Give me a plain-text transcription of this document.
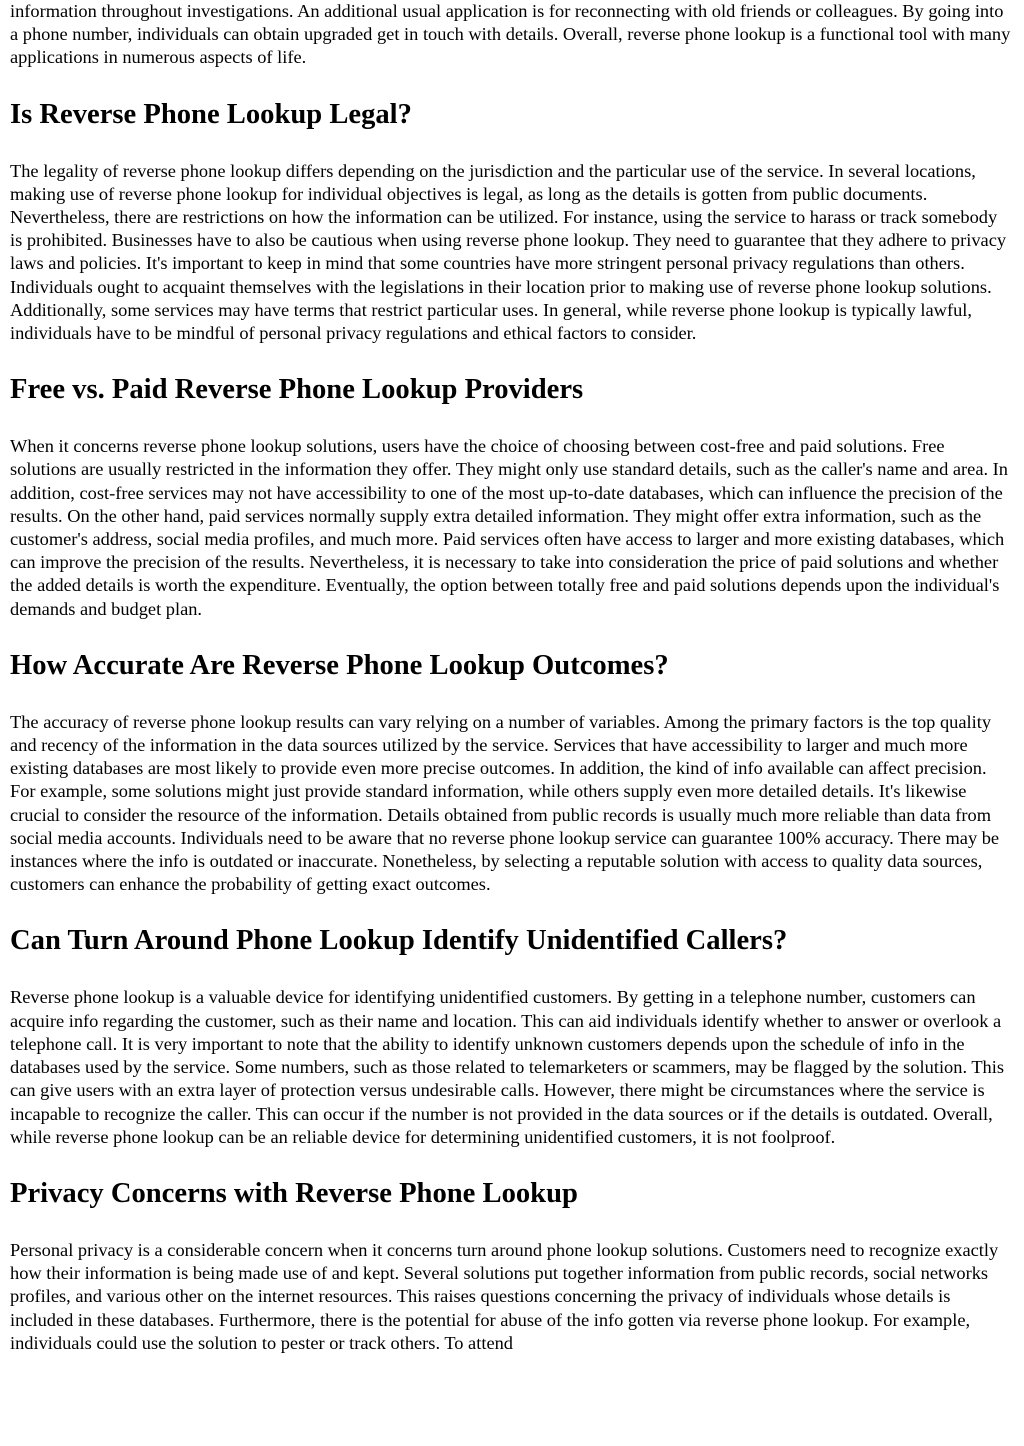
information throughout investigations. An additional usual application is for reconnecting with old friends or colleagues. By going into a phone number, individuals can obtain upgraded get in touch with details. Overall, reverse phone lookup is a functional tool with many applications in numerous aspects of life.

Is Reverse Phone Lookup Legal?

The legality of reverse phone lookup differs depending on the jurisdiction and the particular use of the service. In several locations, making use of reverse phone lookup for individual objectives is legal, as long as the details is gotten from public documents. Nevertheless, there are restrictions on how the information can be utilized. For instance, using the service to harass or track somebody is prohibited. Businesses have to also be cautious when using reverse phone lookup. They need to guarantee that they adhere to privacy laws and policies. It's important to keep in mind that some countries have more stringent personal privacy regulations than others. Individuals ought to acquaint themselves with the legislations in their location prior to making use of reverse phone lookup solutions. Additionally, some services may have terms that restrict particular uses. In general, while reverse phone lookup is typically lawful, individuals have to be mindful of personal privacy regulations and ethical factors to consider.

Free vs. Paid Reverse Phone Lookup Providers

When it concerns reverse phone lookup solutions, users have the choice of choosing between cost-free and paid solutions. Free solutions are usually restricted in the information they offer. They might only use standard details, such as the caller's name and area. In addition, cost-free services may not have accessibility to one of the most up-to-date databases, which can influence the precision of the results. On the other hand, paid services normally supply extra detailed information. They might offer extra information, such as the customer's address, social media profiles, and much more. Paid services often have access to larger and more existing databases, which can improve the precision of the results. Nevertheless, it is necessary to take into consideration the price of paid solutions and whether the added details is worth the expenditure. Eventually, the option between totally free and paid solutions depends upon the individual's demands and budget plan.

How Accurate Are Reverse Phone Lookup Outcomes?

The accuracy of reverse phone lookup results can vary relying on a number of variables. Among the primary factors is the top quality and recency of the information in the data sources utilized by the service. Services that have accessibility to larger and much more existing databases are most likely to provide even more precise outcomes. In addition, the kind of info available can affect precision. For example, some solutions might just provide standard information, while others supply even more detailed details. It's likewise crucial to consider the resource of the information. Details obtained from public records is usually much more reliable than data from social media accounts. Individuals need to be aware that no reverse phone lookup service can guarantee 100% accuracy. There may be instances where the info is outdated or inaccurate. Nonetheless, by selecting a reputable solution with access to quality data sources, customers can enhance the probability of getting exact outcomes.

Can Turn Around Phone Lookup Identify Unidentified Callers?

Reverse phone lookup is a valuable device for identifying unidentified customers. By getting in a telephone number, customers can acquire info regarding the customer, such as their name and location. This can aid individuals identify whether to answer or overlook a telephone call. It is very important to note that the ability to identify unknown customers depends upon the schedule of info in the databases used by the service. Some numbers, such as those related to telemarketers or scammers, may be flagged by the solution. This can give users with an extra layer of protection versus undesirable calls. However, there might be circumstances where the service is incapable to recognize the caller. This can occur if the number is not provided in the data sources or if the details is outdated. Overall, while reverse phone lookup can be an reliable device for determining unidentified customers, it is not foolproof.

Privacy Concerns with Reverse Phone Lookup

Personal privacy is a considerable concern when it concerns turn around phone lookup solutions. Customers need to recognize exactly how their information is being made use of and kept. Several solutions put together information from public records, social networks profiles, and various other on the internet resources. This raises questions concerning the privacy of individuals whose details is included in these databases. Furthermore, there is the potential for abuse of the info gotten via reverse phone lookup. For example, individuals could use the solution to pester or track others. To attend
